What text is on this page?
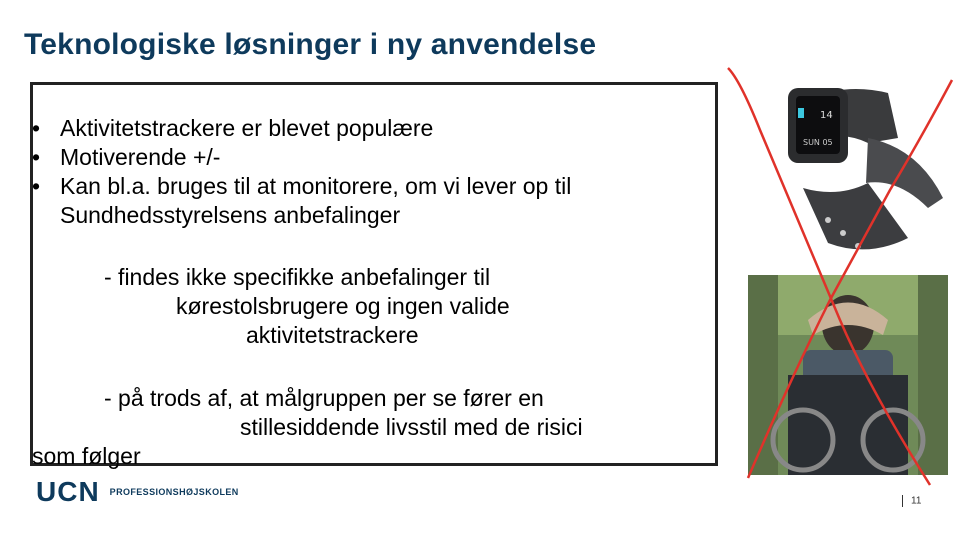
Teknologiske løsninger i ny anvendelse
• Aktivitetstrackere er blevet populære
• Motiverende +/-
• Kan bl.a. bruges til at monitorere, om vi lever op til Sundhedsstyrelsens anbefalinger
- findes ikke specifikke anbefalinger til
kørestolsbrugere og ingen valide
aktivitetstrackere
- på trods af, at målgruppen per se fører en
stillesiddende livsstil med de risici
som følger
14
SUN 05
UCN PROFESSIONSHØJSKOLEN
11
